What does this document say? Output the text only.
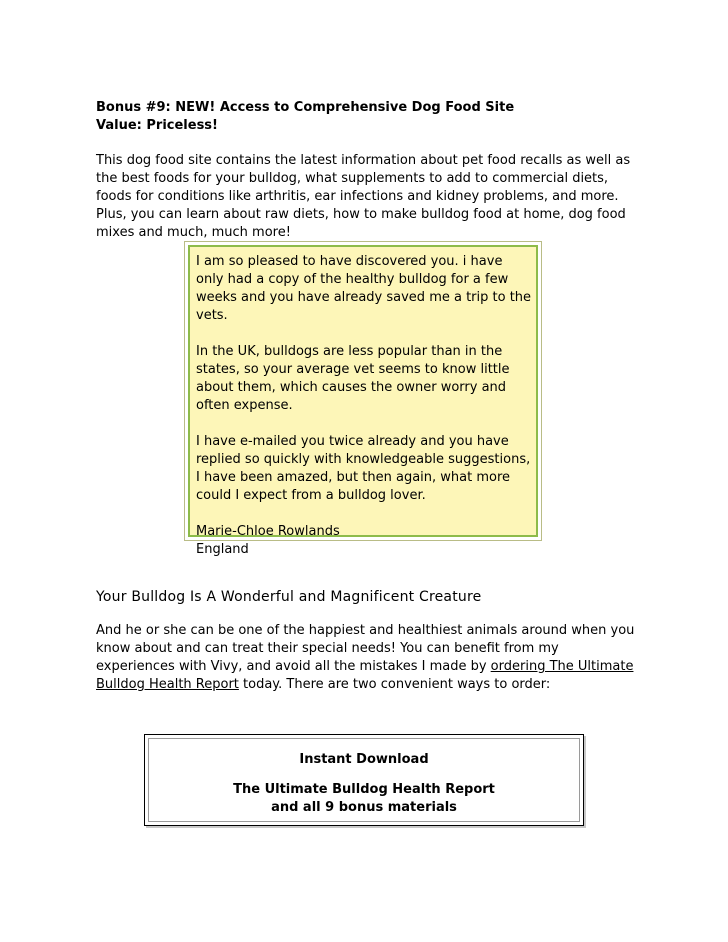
Bonus #9: NEW! Access to Comprehensive Dog Food Site
Value: Priceless!
This dog food site contains the latest information about pet food recalls as well as the best foods for your bulldog, what supplements to add to commercial diets, foods for conditions like arthritis, ear infections and kidney problems, and more. Plus, you can learn about raw diets, how to make bulldog food at home, dog food mixes and much, much more!

I am so pleased to have discovered you. i have only had a copy of the healthy bulldog for a few weeks and you have already saved me a trip to the vets.

In the UK, bulldogs are less popular than in the states, so your average vet seems to know little about them, which causes the owner worry and often expense.

I have e-mailed you twice already and you have replied so quickly with knowledgeable suggestions, I have been amazed, but then again, what more could I expect from a bulldog lover.

Marie-Chloe Rowlands

England

Your Bulldog Is A Wonderful and Magnificent Creature
And he or she can be one of the happiest and healthiest animals around when you know about and can treat their special needs! You can benefit from my experiences with Vivy, and avoid all the mistakes I made by ordering The Ultimate Bulldog Health Report today. There are two convenient ways to order:
Instant Download
The Ultimate Bulldog Health Report
and all 9 bonus materials
